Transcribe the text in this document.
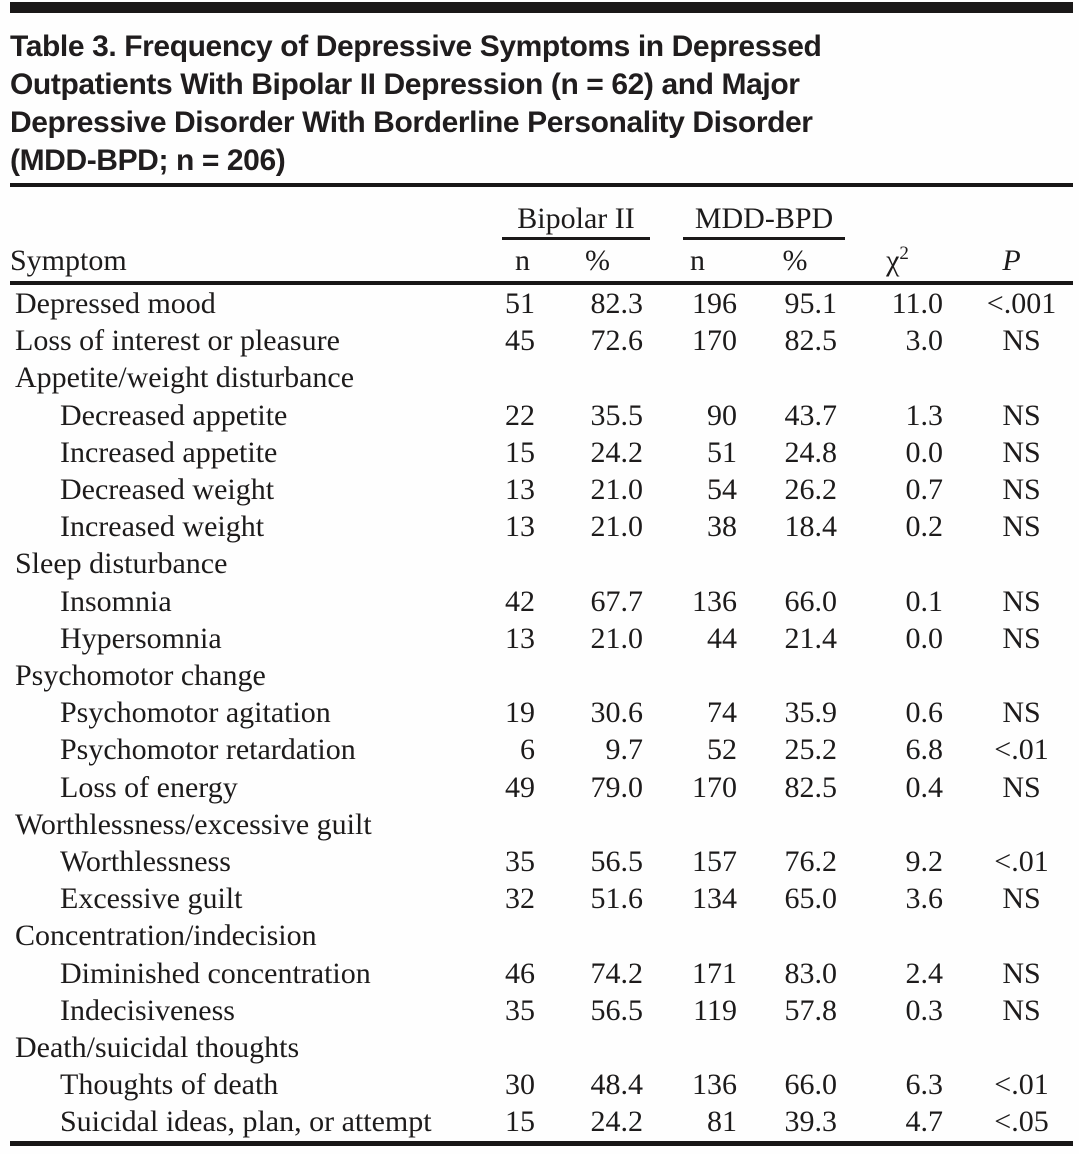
Table 3. Frequency of Depressive Symptoms in Depressed
Outpatients With Bipolar II Depression (n = 62) and Major
Depressive Disorder With Borderline Personality Disorder
(MDD-BPD; n = 206)

	Bipolar II		MDD-BPD			

Symptom	n	%	n	%	$\chi^2$	P
Depressed mood	51	82.3	196	95.1	11.0	<.001
Loss of interest or pleasure	45	72.6	170	82.5	3.0	NS
Appetite/weight disturbance						
Decreased appetite	22	35.5	90	43.7	1.3	NS
Increased appetite	15	24.2	51	24.8	0.0	NS
Decreased weight	13	21.0	54	26.2	0.7	NS
Increased weight	13	21.0	38	18.4	0.2	NS
Sleep disturbance						
Insomnia	42	67.7	136	66.0	0.1	NS
Hypersomnia	13	21.0	44	21.4	0.0	NS
Psychomotor change						
Psychomotor agitation	19	30.6	74	35.9	0.6	NS
Psychomotor retardation	6	9.7	52	25.2	6.8	<.01
Loss of energy	49	79.0	170	82.5	0.4	NS
Worthlessness/excessive guilt						
Worthlessness	35	56.5	157	76.2	9.2	<.01
Excessive guilt	32	51.6	134	65.0	3.6	NS
Concentration/indecision						
Diminished concentration	46	74.2	171	83.0	2.4	NS
Indecisiveness	35	56.5	119	57.8	0.3	NS
Death/suicidal thoughts						
Thoughts of death	30	48.4	136	66.0	6.3	<.01
Suicidal ideas, plan, or attempt	15	24.2	81	39.3	4.7	<.05
